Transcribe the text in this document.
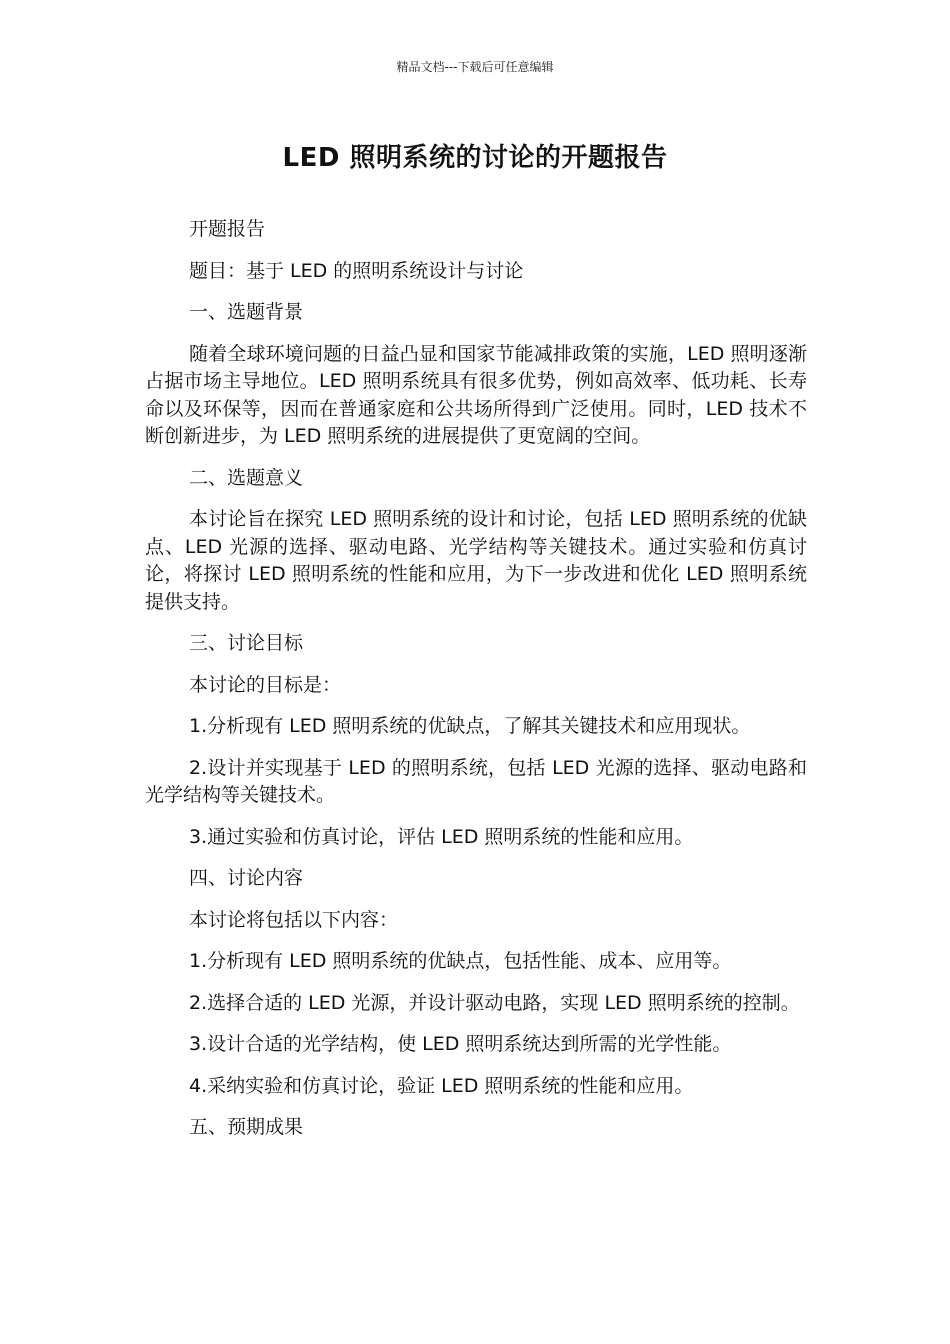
精品文档---下载后可任意编辑
LED 照明系统的讨论的开题报告

开题报告

题目：基于 LED 的照明系统设计与讨论

一、选题背景

随着全球环境问题的日益凸显和国家节能减排政策的实施，LED 照明逐渐占据市场主导地位。LED 照明系统具有很多优势，例如高效率、低功耗、长寿命以及环保等，因而在普通家庭和公共场所得到广泛使用。同时，LED 技术不断创新进步，为 LED 照明系统的进展提供了更宽阔的空间。

二、选题意义

本讨论旨在探究 LED 照明系统的设计和讨论，包括 LED 照明系统的优缺点、LED 光源的选择、驱动电路、光学结构等关键技术。通过实验和仿真讨论，将探讨 LED 照明系统的性能和应用，为下一步改进和优化 LED 照明系统提供支持。

三、讨论目标

本讨论的目标是：

1.分析现有 LED 照明系统的优缺点，了解其关键技术和应用现状。

2.设计并实现基于 LED 的照明系统，包括 LED 光源的选择、驱动电路和光学结构等关键技术。

3.通过实验和仿真讨论，评估 LED 照明系统的性能和应用。

四、讨论内容

本讨论将包括以下内容：

1.分析现有 LED 照明系统的优缺点，包括性能、成本、应用等。

2.选择合适的 LED 光源，并设计驱动电路，实现 LED 照明系统的控制。

3.设计合适的光学结构，使 LED 照明系统达到所需的光学性能。

4.采纳实验和仿真讨论，验证 LED 照明系统的性能和应用。

五、预期成果
